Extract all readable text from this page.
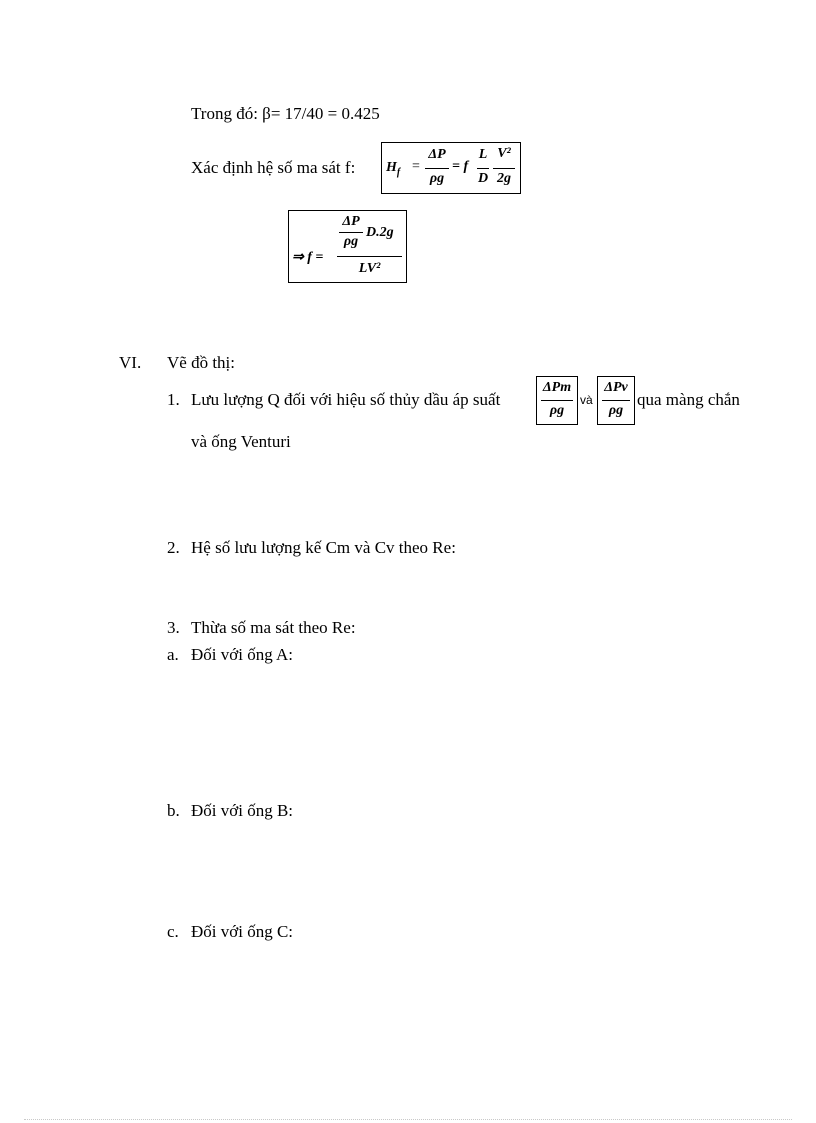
Trong đó: β= 17/40 = 0.425
Xác định hệ số ma sát f: $H_f$ =
ΔP
ρg
= f
L
D
V²
2g
⇒ f =
ΔP
ρg
D.2g
LV²
VI. Vẽ đồ thị:
1. Lưu lượng Q đối với hiệu số thủy dầu áp suất
ΔPm
ρg
và
ΔPv
ρg
qua màng chắn
và ống Venturi
2. Hệ số lưu lượng kế Cm và Cv theo Re:
3. Thừa số ma sát theo Re:
a. Đối với ống A:
b. Đối với ống B:
c. Đối với ống C:
